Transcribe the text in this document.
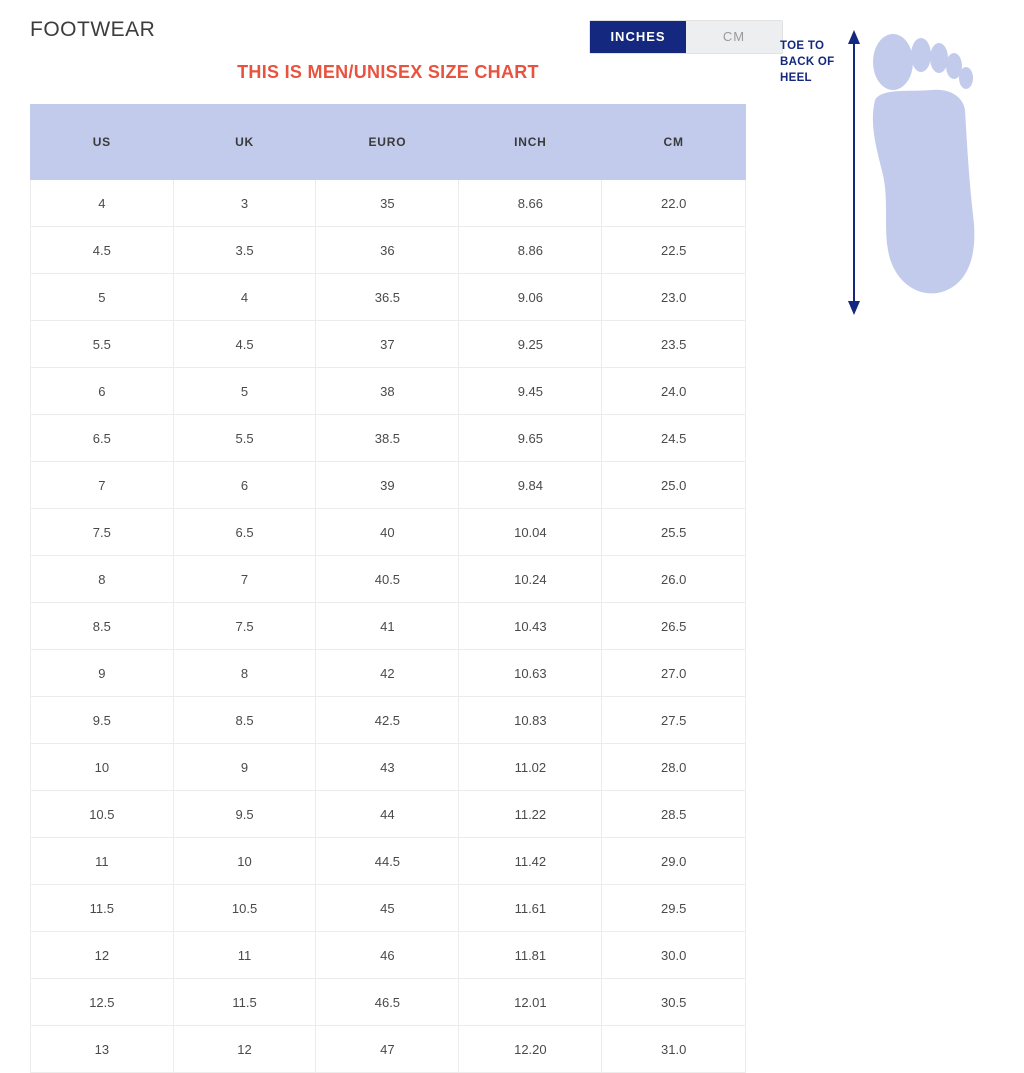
FOOTWEAR	INCHES	CM
THIS IS MEN/UNISEX SIZE CHART
US	UK	EURO	INCH	CM
4	3	35	8.66	22.0
4.5	3.5	36	8.86	22.5
5	4	36.5	9.06	23.0
5.5	4.5	37	9.25	23.5
6	5	38	9.45	24.0
6.5	5.5	38.5	9.65	24.5
7	6	39	9.84	25.0
7.5	6.5	40	10.04	25.5
8	7	40.5	10.24	26.0
8.5	7.5	41	10.43	26.5
9	8	42	10.63	27.0
9.5	8.5	42.5	10.83	27.5
10	9	43	11.02	28.0
10.5	9.5	44	11.22	28.5
11	10	44.5	11.42	29.0
11.5	10.5	45	11.61	29.5
12	11	46	11.81	30.0
12.5	11.5	46.5	12.01	30.5
13	12	47	12.20	31.0
TOE TO BACK OF HEEL
